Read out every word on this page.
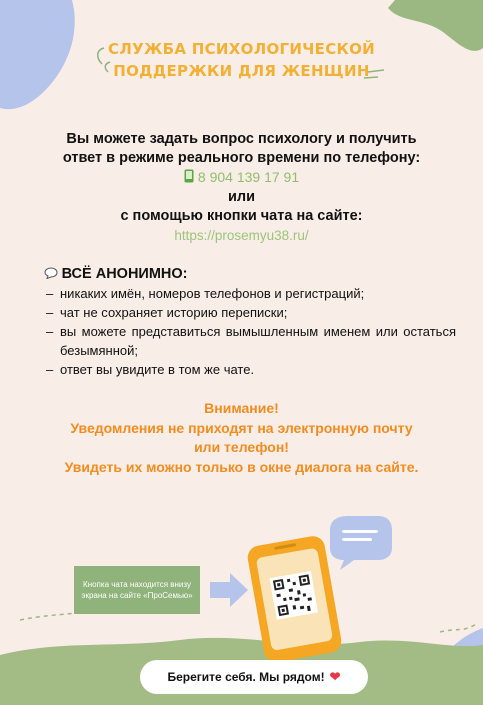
СЛУЖБА ПСИХОЛОГИЧЕСКОЙ
ПОДДЕРЖКИ ДЛЯ ЖЕНЩИН
Вы можете задать вопрос психологу и получить
ответ в режиме реального времени по телефону:
8 904 139 17 91
или
с помощью кнопки чата на сайте:
https://prosemyu38.ru/
ВСЁ АНОНИМНО:
– никаких имён, номеров телефонов и регистраций;
– чат не сохраняет историю переписки;
– вы можете представиться вымышленным именем или остаться безымянной;
– ответ вы увидите в том же чате.
Внимание!
Уведомления не приходят на электронную почту
или телефон!
Увидеть их можно только в окне диалога на сайте.
Кнопка чата находится внизу экрана на сайте «ПроСемью»
Берегите себя. Мы рядом! ❤
